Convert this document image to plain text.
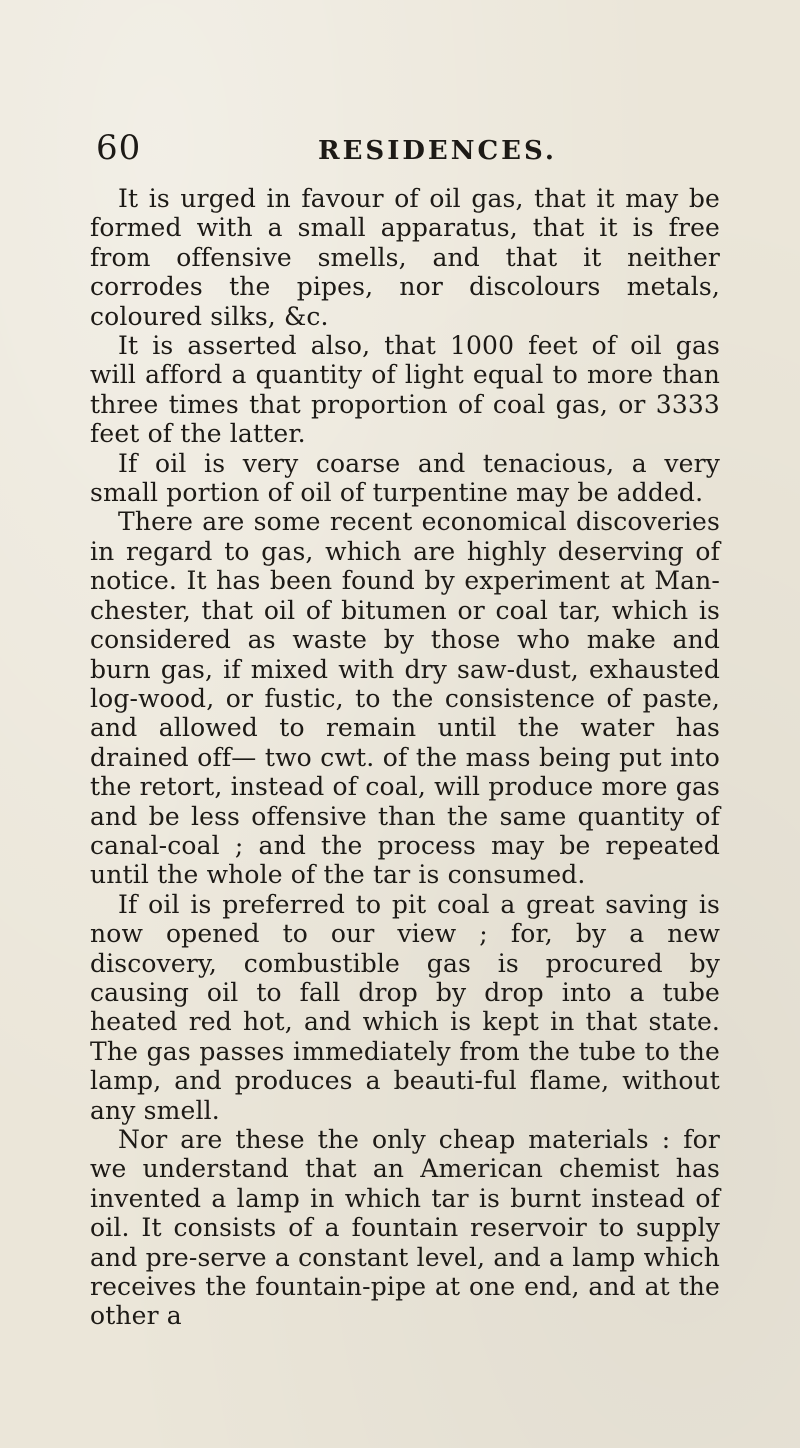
60	RESIDENCES.

It is urged in favour of oil gas, that it may be formed with a small apparatus, that it is free from offensive smells, and that it neither corrodes the pipes, nor discolours metals, coloured silks, &c.

It is asserted also, that 1000 feet of oil gas will afford a quantity of light equal to more than three times that proportion of coal gas, or 3333 feet of the latter.

If oil is very coarse and tenacious, a very small portion of oil of turpentine may be added.

There are some recent economical discoveries in regard to gas, which are highly deserving of notice. It has been found by experiment at Man-chester, that oil of bitumen or coal tar, which is considered as waste by those who make and burn gas, if mixed with dry saw-dust, exhausted log-wood, or fustic, to the consistence of paste, and allowed to remain until the water has drained off— two cwt. of the mass being put into the retort, instead of coal, will produce more gas and be less offensive than the same quantity of canal-coal ; and the process may be repeated until the whole of the tar is consumed.

If oil is preferred to pit coal a great saving is now opened to our view ; for, by a new discovery, combustible gas is procured by causing oil to fall drop by drop into a tube heated red hot, and which is kept in that state. The gas passes immediately from the tube to the lamp, and produces a beauti-ful flame, without any smell.

Nor are these the only cheap materials : for we understand that an American chemist has invented a lamp in which tar is burnt instead of oil. It consists of a fountain reservoir to supply and pre-serve a constant level, and a lamp which receives the fountain-pipe at one end, and at the other a
